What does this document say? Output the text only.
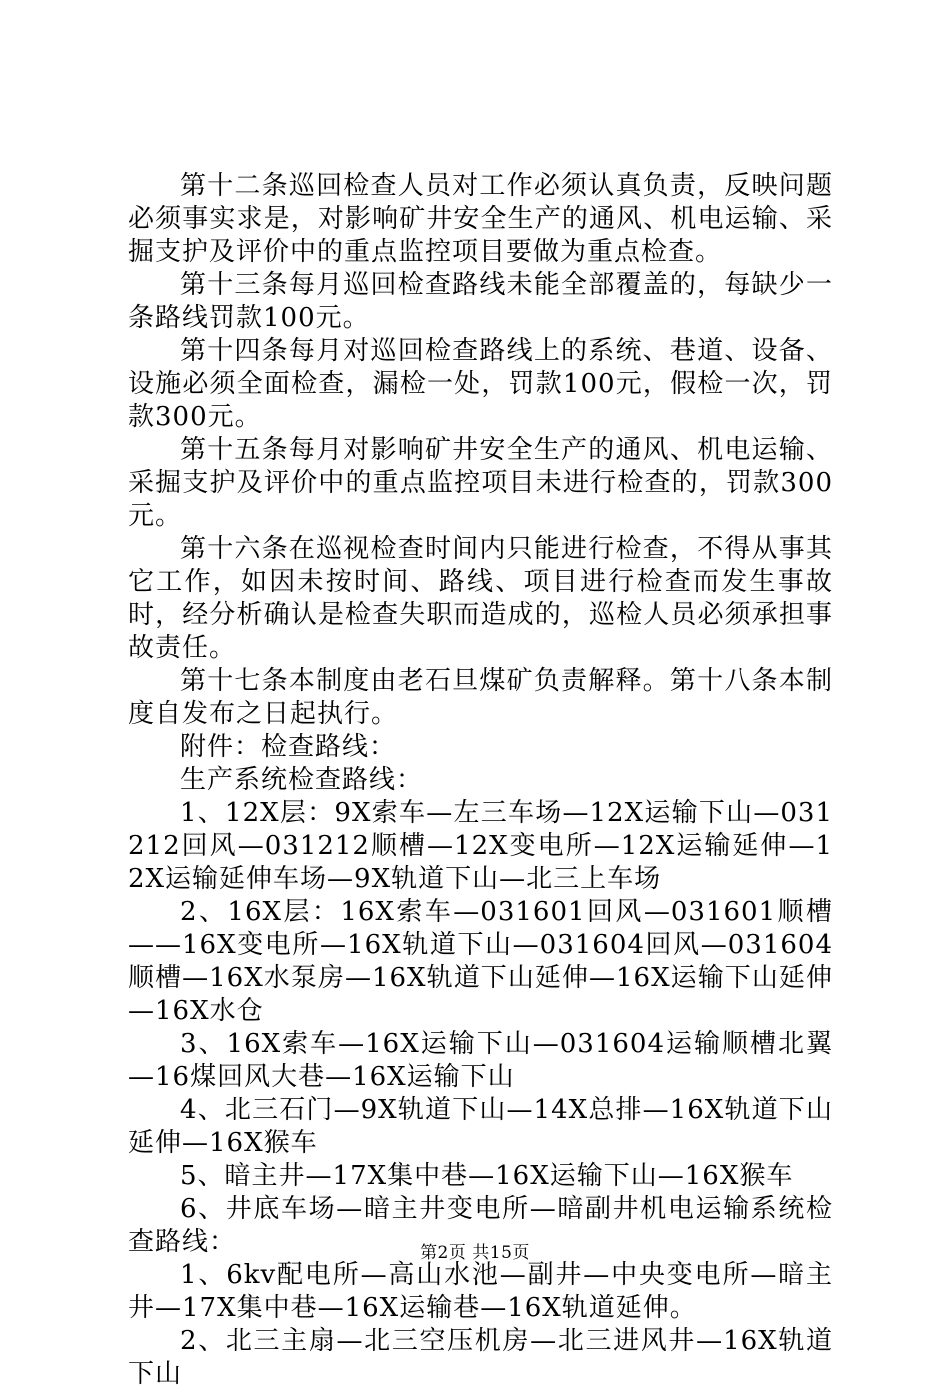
第十二条巡回检查人员对工作必须认真负责，反映问题必须事实求是，对影响矿井安全生产的通风、机电运输、采掘支护及评价中的重点监控项目要做为重点检查。

第十三条每月巡回检查路线未能全部覆盖的，每缺少一条路线罚款100元。

第十四条每月对巡回检查路线上的系统、巷道、设备、设施必须全面检查，漏检一处，罚款100元，假检一次，罚款300元。

第十五条每月对影响矿井安全生产的通风、机电运输、采掘支护及评价中的重点监控项目未进行检查的，罚款300元。

第十六条在巡视检查时间内只能进行检查，不得从事其它工作，如因未按时间、路线、项目进行检查而发生事故时，经分析确认是检查失职而造成的，巡检人员必须承担事故责任。

第十七条本制度由老石旦煤矿负责解释。第十八条本制度自发布之日起执行。

附件：检查路线：

生产系统检查路线：

1、12X层：9X索车—左三车场—12X运输下山—031212回风—031212顺槽—12X变电所—12X运输延伸—12X运输延伸车场—9X轨道下山—北三上车场

2、16X层：16X索车—031601回风—031601顺槽——16X变电所—16X轨道下山—031604回风—031604顺槽—16X水泵房—16X轨道下山延伸—16X运输下山延伸—16X水仓

3、16X索车—16X运输下山—031604运输顺槽北翼—16煤回风大巷—16X运输下山

4、北三石门—9X轨道下山—14X总排—16X轨道下山延伸—16X猴车

5、暗主井—17X集中巷—16X运输下山—16X猴车

6、井底车场—暗主井变电所—暗副井机电运输系统检查路线：

1、6kv配电所—高山水池—副井—中央变电所—暗主井—17X集中巷—16X运输巷—16X轨道延伸。

2、北三主扇—北三空压机房—北三进风井—16X轨道下山

第2页 共15页
